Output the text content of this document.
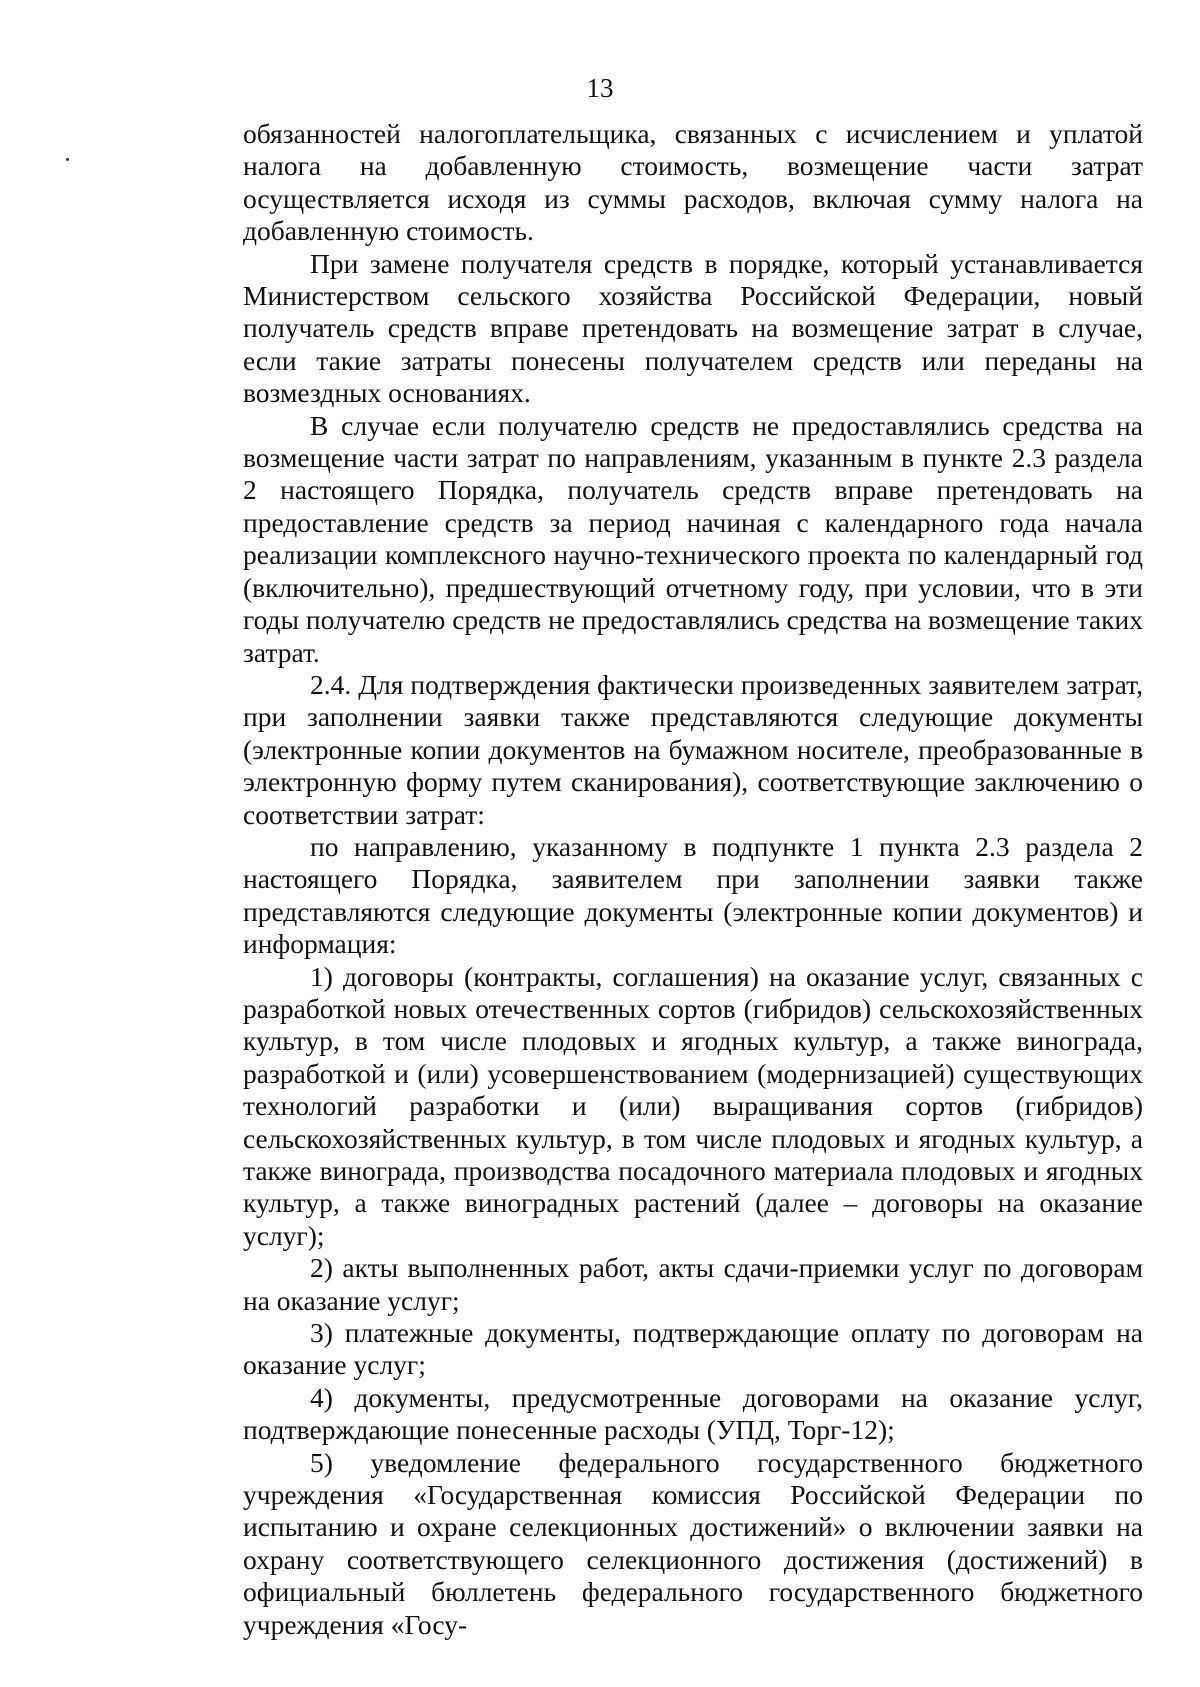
13

обязанностей налогоплательщика, связанных с исчислением и уплатой налога на добавленную стоимость, возмещение части затрат осуществляется исходя из суммы расходов, включая сумму налога на добавленную стоимость.

При замене получателя средств в порядке, который устанавливается Министерством сельского хозяйства Российской Федерации, новый получатель средств вправе претендовать на возмещение затрат в случае, если такие затраты понесены получателем средств или переданы на возмездных основаниях.

В случае если получателю средств не предоставлялись средства на возмещение части затрат по направлениям, указанным в пункте 2.3 раздела 2 настоящего Порядка, получатель средств вправе претендовать на предоставление средств за период начиная с календарного года начала реализации комплексного научно-технического проекта по календарный год (включительно), предшествующий отчетному году, при условии, что в эти годы получателю средств не предоставлялись средства на возмещение таких затрат.

2.4. Для подтверждения фактически произведенных заявителем затрат, при заполнении заявки также представляются следующие документы (электронные копии документов на бумажном носителе, преобразованные в электронную форму путем сканирования), соответствующие заключению о соответствии затрат:

по направлению, указанному в подпункте 1 пункта 2.3 раздела 2 настоящего Порядка, заявителем при заполнении заявки также представляются следующие документы (электронные копии документов) и информация:

1) договоры (контракты, соглашения) на оказание услуг, связанных с разработкой новых отечественных сортов (гибридов) сельскохозяйственных культур, в том числе плодовых и ягодных культур, а также винограда, разработкой и (или) усовершенствованием (модернизацией) существующих технологий разработки и (или) выращивания сортов (гибридов) сельскохозяйственных культур, в том числе плодовых и ягодных культур, а также винограда, производства посадочного материала плодовых и ягодных культур, а также виноградных растений (далее – договоры на оказание услуг);

2) акты выполненных работ, акты сдачи-приемки услуг по договорам на оказание услуг;

3) платежные документы, подтверждающие оплату по договорам на оказание услуг;

4) документы, предусмотренные договорами на оказание услуг, подтверждающие понесенные расходы (УПД, Торг-12);

5) уведомление федерального государственного бюджетного учреждения «Государственная комиссия Российской Федерации по испытанию и охране селекционных достижений» о включении заявки на охрану соответствующего селекционного достижения (достижений) в официальный бюллетень федерального государственного бюджетного учреждения «Госу-
